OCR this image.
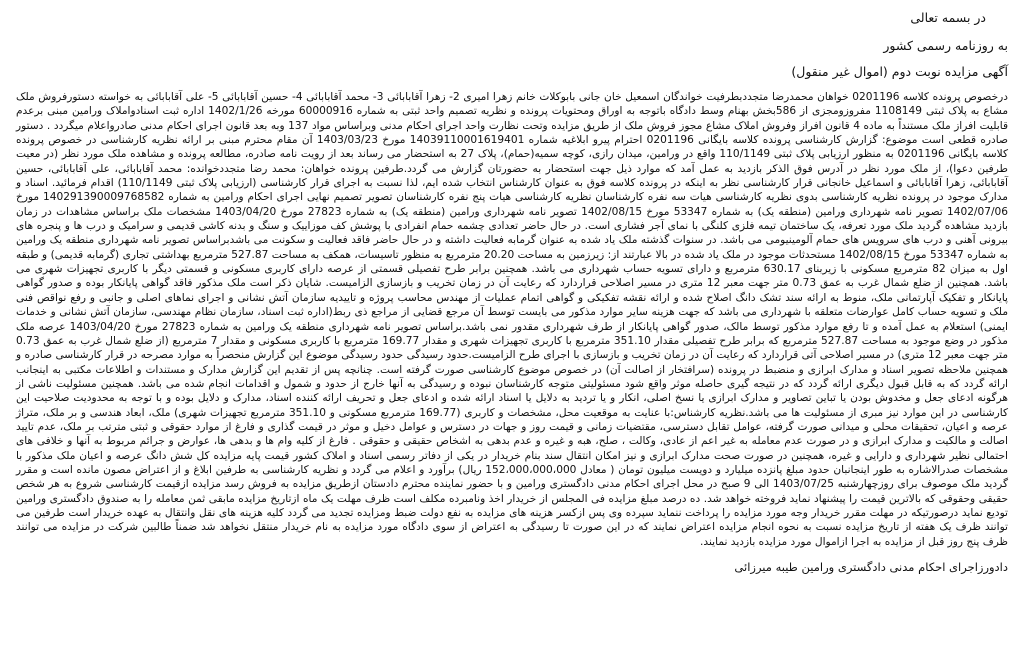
در بسمه تعالی

به روزنامه رسمی کشور

آگهی مزایده نوبت دوم (اموال غیر منقول)

درخصوص پرونده کلاسه 0201196 خواهان محمدرضا متجددبطرفیت خواندگان اسمعیل خان جانی بابوکلات خانم زهرا امیری 2- زهرا آقابابائی 3- محمد آقابابائی 4- حسین آقابابائی 5- علی آقابابائی به خواسته دستورفروش ملک مشاع به پلاک ثبتی 1108149 مفروزومجزی از 586بخش بهنام وسط دادگاه باتوجه به اوراق ومحتویات پرونده و نظریه تصمیم واحد ثبتی به شماره 60000916 مورخه 1402/1/26 اداره ثبت اسنادواملاک ورامین مبنی برعدم قابلیت افراز ملک مستنداً به ماده 4 قانون افراز وفروش املاک مشاع مجوز فروش ملک از طریق مزایده وتحت نظارت واحد اجرای احکام مدنی وبراساس مواد 137 وبه بعد قانون اجرای احکام مدنی صادرواعلام میگردد . دستور صادره قطعی است موضوع: گزارش کارشناسی پرونده کلاسه بایگانی 0201196 احترام پیرو ابلاغیه شماره 14039110001619401 مورخ 1403/03/23 آن مقام محترم مبنی بر ارائه نظریه کارشناسی در خصوص پرونده کلاسه بایگانی 0201196 به منظور ارزیابی پلاک ثبتی 110/1149 واقع در ورامین، میدان رازی، کوچه سمیه(حمام)، پلاک 27 به استحضار می رساند بعد از رویت نامه صادره، مطالعه پرونده و مشاهده ملک مورد نظر (در معیت طرفین دعوا)، از ملک مورد نظر در آدرس فوق الذکر بازدید به عمل آمد که موارد ذیل جهت استحضار به حضورتان گزارش می گردد.طرفین پرونده خواهان: محمد رضا متجددخوانده: محمد آقابابائی، علی آقابابائی، حسین آقابابائی، زهرا آقابابائی و اسماعیل خانجانی قرار کارشناسی نظر به اینکه در پرونده کلاسه فوق به عنوان کارشناس انتخاب شده ایم، لذا نسبت به اجرای قرار کارشناسی (ارزیابی پلاک ثبتی 110/1149) اقدام فرمائید. اسناد و مدارک موجود در پرونده نظریه کارشناسی بدوی نظریه کارشناسی هیات سه نفره کارشناسان نظریه کارشناسی هیات پنج نفره کارشناسان تصویر تصمیم نهایی اجرای احکام ورامین به شماره 140291390009768582 مورخ 1402/07/06 تصویر نامه شهرداری ورامین (منطقه یک) به شماره 53347 مورخ 1402/08/15 تصویر نامه شهرداری ورامین (منطقه یک) به شماره 27823 مورخ 1403/04/20 مشخصات ملک براساس مشاهدات در زمان بازدید مشاهده گردید ملک مورد تعرفه، یک ساختمان تیمه فلزی کلنگی با نمای آجر فشاری است. در حال حاضر تعدادی چشمه حمام انفرادی با پوشش کف موزاییک و سنگ و بدنه کاشی قدیمی و سرامیک و درب ها و پنجره های بیرونی آهنی و درب های سرویس های حمام آلومینیومی می باشد. در سنوات گذشته ملک یاد شده به عنوان گرمابه فعالیت داشته و در حال حاضر فاقد فعالیت و سکونت می باشدبراساس تصویر نامه شهرداری منطقه یک ورامین به شماره 53347 مورخ 1402/08/15 مستحدثات موجود در ملک یاد شده در بالا عبارتند از: زیرزمین به مساحت 20.20 مترمربع به منظور تاسیسات، همکف به مساحت 527.87 مترمربع بهداشتی تجاری (گرمابه قدیمی) و طبقه اول به میزان 82 مترمربع مسکونی با زیربنای 630.17 مترمربع و دارای تسویه حساب شهرداری می باشد. همچنین برابر طرح تفصیلی قسمتی از عرصه دارای کاربری مسکونی و قسمتی دیگر با کاربری تجهیزات شهری می باشد. همچنین از ضلع شمال غرب به عمق 0.73 متر جهت معبر 12 متری در مسیر اصلاحی قراردارد که رعایت آن در زمان تخریب و بازسازی الزامیست. شایان ذکر است ملک مذکور فاقد گواهی پایانکار بوده و صدور گواهی پایانکار و تفکیک آپارتمانی ملک، منوط به ارائه سند تشک دانگ اصلاح شده و ارائه نقشه تفکیکی و گواهی اتمام عملیات از مهندس محاسب پروژه و تاییدیه سازمان آتش نشانی و اجرای نماهای اصلی و جانبی و رفع نواقص فنی ملک و تسویه حساب کامل عوارضات متعلقه با شهرداری می باشد که جهت هزینه سایر موارد مذکور می بایست توسط آن مرجع قضایی از مراجع ذی ربط(اداره ثبت اسناد، سازمان نظام مهندسی، سازمان آتش نشانی و خدمات ایمنی) استعلام به عمل آمده و تا رفع موارد مذکور توسط مالک، صدور گواهی پایانکار از طرف شهرداری مقدور نمی باشد.براساس تصویر نامه شهرداری منطقه یک ورامین به شماره 27823 مورخ 1403/04/20 عرصه ملک مذکور در وضع موجود به مساحت 527.87 مترمربع که برابر طرح تفصیلی مقدار 351.10 مترمربع با کاربری تجهیزات شهری و مقدار 169.77 مترمربع با کاربری مسکونی و مقدار 7 مترمربع (از ضلع شمال غرب به عمق 0.73 متر جهت معبر 12 متری) در مسیر اصلاحی آتی قراردارد که رعایت آن در زمان تخریب و بازسازی با اجرای طرح الزامیست.حدود رسیدگی حدود رسیدگی موضوع این گزارش منحصراً به موارد مصرحه در قرار کارشناسی صادره و همچنین ملاحظه تصویر اسناد و مدارک ابرازی و منضبط در پرونده (سرافتخار از اصالت آن) در خصوص موضوع کارشناسی صورت گرفته است. چنانچه پس از تقدیم این گزارش مدارک و مستندات و اطلاعات مکتبی به اینجانب ارائه گردد که به قابل قبول دیگری ارائه گردد که در نتیجه گیری حاصله موثر واقع شود مسئولیتی متوجه کارشناسان نبوده و رسیدگی به آنها خارج از حدود و شمول و اقدامات انجام شده می باشد. همچنین مسئولیت ناشی از هرگونه ادعای جعل و مخدوش بودن یا تباین تصاویر و مدارک ابرازی یا نسخ اصلی، انکار و یا تردید به دلایل یا اسناد ارائه شده و ادعای جعل و تحریف ارائه کننده اسناد، مدارک و دلایل بوده و با توجه به محدودیت صلاحیت این کارشناسی در این موارد نیز مبری از مسئولیت ها می باشد.نظریه کارشناس:با عنایت به موقعیت محل، مشخصات و کاربری (169.77 مترمربع مسکونی و 351.10 مترمربع تجهیزات شهری) ملک، ابعاد هندسی و بر ملک، متراژ عرصه و اعیان، تحقیقات محلی و میدانی صورت گرفته، عوامل تقابل دسترسی، مقتضیات زمانی و قیمت روز و جهات در دسترس و عوامل دخیل و موثر در قیمت گذاری و فارغ از موارد حقوقی و ثبتی مترتب بر ملک، عدم تایید اصالت و مالکیت و مدارک ابرازی و در صورت عدم معامله به غیر اعم از عادی، وکالت ، صلح، هبه و غیره و عدم بدهی به اشخاص حقیقی و حقوقی . فارغ از کلیه وام ها و بدهی ها، عوارض و جرائم مربوط به آنها و خلافی های احتمالی نظیر شهرداری و دارایی و غیره، همچنین در صورت صحت مدارک ابرازی و نیز امکان انتقال سند بنام خریدار در یکی از دفاتر رسمی اسناد و املاک کشور قیمت پایه مزایده کل شش دانگ عرصه و اعیان ملک مذکور با مشخصات صدرالاشاره به طور اینجانبان حدود مبلغ پانزده میلیارد و دویست میلیون تومان ( معادل 152،000،000،000 ریال) برآورد و اعلام می گردد و نظریه کارشناسی به طرفین ابلاغ و از اعتراض مصون مانده است و مقرر گردید ملک موصوف برای روزچهارشنبه 1403/07/25 الی 9 صبح در محل اجرای احکام مدنی دادگستری ورامین و با حضور نماینده محترم دادستان ازطریق مزایده به فروش رسد مزایده ازقیمت کارشناسی شروع به هر شخص حقیقی وحقوقی که بالاترین قیمت را پیشنهاد نماید فروخته خواهد شد. ده درصد مبلغ مزایده فی المجلس از خریدار اخذ ونامبرده مکلف است ظرف مهلت یک ماه ازتاریخ مزایده مابقی ثمن معامله را به صندوق دادگستری ورامین تودیع نماید درصورتیکه در مهلت مقرر خریدار وجه مورد مزایده را پرداخت ننماید سپرده وی پس ازکسر هزینه های مزایده به نفع دولت ضبط ومزایده تجدید می گردد کلیه هزینه های نقل وانتقال به عهده خریدار است طرفین می توانند ظرف یک هفته از تاریخ مزایده نسبت به نحوه انجام مزایده اعتراض نمایند که در این صورت تا رسیدگی به اعتراض از سوی دادگاه مورد مزایده به نام خریدار منتقل نخواهد شد ضمناً طالبین شرکت در مزایده می توانند ظرف پنج روز قبل از مزایده به اجرا ازاموال مورد مزایده بازدید نمایند.

دادورزاجرای احکام مدنی دادگستری ورامین طیبه میرزائی
